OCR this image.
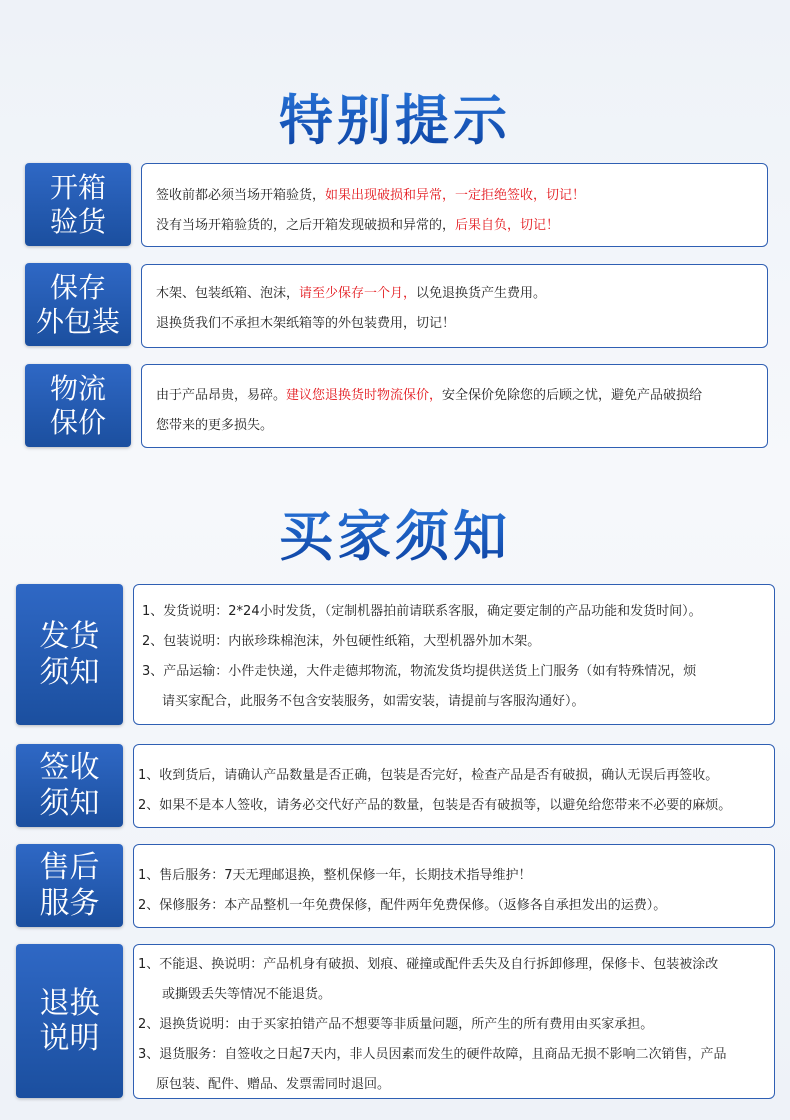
特别提示
开箱
验货
签收前都必须当场开箱验货，如果出现破损和异常，一定拒绝签收，切记！
没有当场开箱验货的，之后开箱发现破损和异常的，后果自负，切记！
保存
外包装
木架、包装纸箱、泡沫，请至少保存一个月，以免退换货产生费用。
退换货我们不承担木架纸箱等的外包装费用，切记！
物流
保价
由于产品昂贵，易碎。建议您退换货时物流保价，安全保价免除您的后顾之忧，避免产品破损给
您带来的更多损失。
买家须知
发货
须知
1、发货说明：2*24小时发货，（定制机器拍前请联系客服，确定要定制的产品功能和发货时间）。
2、包装说明：内嵌珍珠棉泡沫，外包硬性纸箱，大型机器外加木架。
3、产品运输：小件走快递，大件走德邦物流，物流发货均提供送货上门服务（如有特殊情况，烦
请买家配合，此服务不包含安装服务，如需安装，请提前与客服沟通好）。
签收
须知
1、收到货后，请确认产品数量是否正确，包装是否完好，检查产品是否有破损，确认无误后再签收。
2、如果不是本人签收，请务必交代好产品的数量，包装是否有破损等，以避免给您带来不必要的麻烦。
售后
服务
1、售后服务：7天无理邮退换，整机保修一年，长期技术指导维护！
2、保修服务：本产品整机一年免费保修，配件两年免费保修。（返修各自承担发出的运费）。
退换
说明
1、不能退、换说明：产品机身有破损、划痕、碰撞或配件丢失及自行拆卸修理，保修卡、包装被涂改
或撕毁丢失等情况不能退货。
2、退换货说明：由于买家拍错产品不想要等非质量问题，所产生的所有费用由买家承担。
3、退货服务：自签收之日起7天内，非人员因素而发生的硬件故障，且商品无损不影响二次销售，产品
原包装、配件、赠品、发票需同时退回。
